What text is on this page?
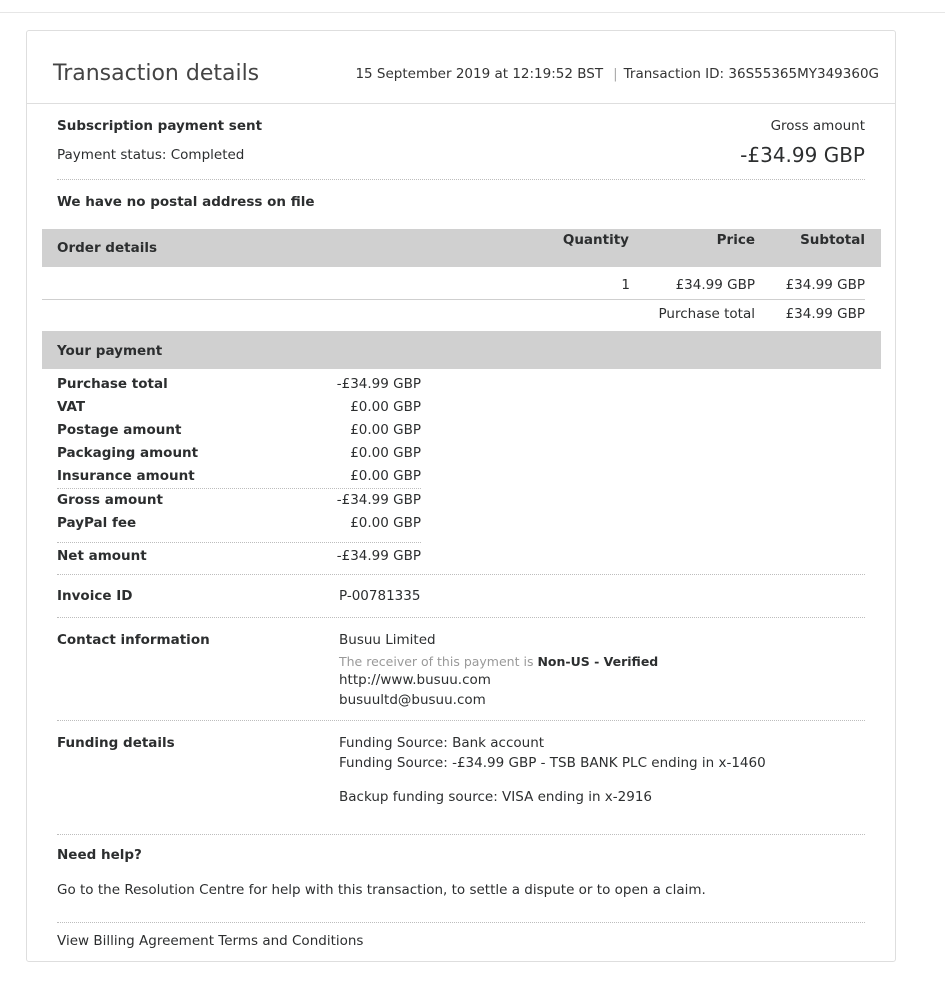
Transaction details	15 September 2019 at 12:19:52 BST | Transaction ID: 36S55365MY349360G
Subscription payment sent
Payment status: Completed
Gross amount
-£34.99 GBP
We have no postal address on file
Order details	Quantity	Price	Subtotal
1	£34.99 GBP £34.99 GBP
Purchase total £34.99 GBP
Your payment
Purchase total	-£34.99 GBP
VAT	£0.00 GBP
Postage amount	£0.00 GBP
Packaging amount	£0.00 GBP
Insurance amount	£0.00 GBP
Gross amount	-£34.99 GBP
PayPal fee	£0.00 GBP
Net amount	-£34.99 GBP
Invoice ID	P-00781335
Contact information	Busuu Limited
The receiver of this payment is Non-US - Verified
http://www.busuu.com
busuultd@busuu.com
Funding details	Funding Source: Bank account
Funding Source: -£34.99 GBP - TSB BANK PLC ending in x-1460
Backup funding source: VISA ending in x-2916
Need help?
Go to the Resolution Centre for help with this transaction, to settle a dispute or to open a claim.
View Billing Agreement Terms and Conditions
